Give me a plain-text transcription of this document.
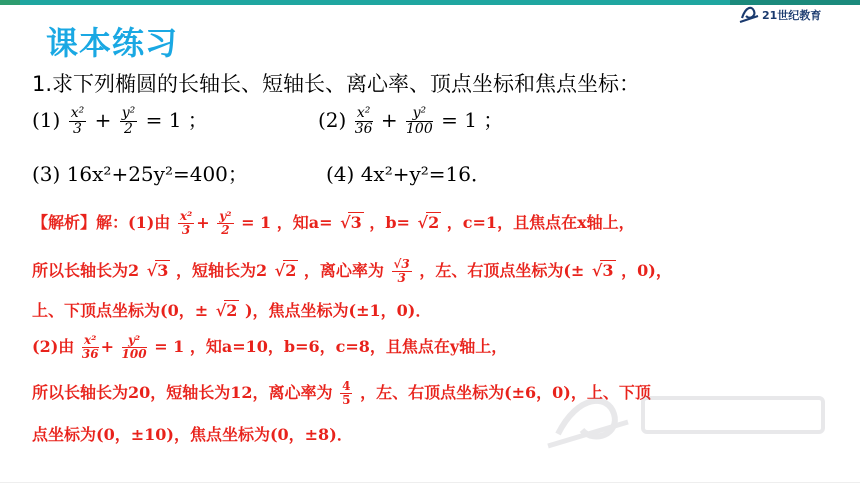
21世纪教育
课本练习
1.求下列椭圆的长轴长、短轴长、离心率、顶点坐标和焦点坐标：
$(1) \frac{\text{x²}}{3} + \frac{\text{y²}}{2} = 1$ ；	$(2) \frac{\text{x²}}{36} + \frac{\text{y²}}{100} = 1$ ；
(3) 16x²+25y²=400；	(4) 4x²+y²=16．
【解析】解：(1)由 $\frac{\text{x²}}{3} + \frac{\text{y²}}{2} = 1$ ，知a= √ 3 ，b= √ 2 ，c=1，且焦点在x轴上，
所以长轴长为2 √ 3 ，短轴长为2 √ 2 ，离心率为 $\frac{√3}{3}$ ，左、右顶点坐标为(± √ 3 ，0)，
上、下顶点坐标为(0，± √ 2 )，焦点坐标为(±1，0)．
(2)由 $\frac{\text{x²}}{36} + \frac{\text{y²}}{100} = 1$ ，知a=10，b=6，c=8，且焦点在y轴上，
所以长轴长为20，短轴长为12，离心率为 $\frac{4}{5}$ ，左、右顶点坐标为(±6，0)，上、下顶
点坐标为(0，±10)，焦点坐标为(0，±8)．
